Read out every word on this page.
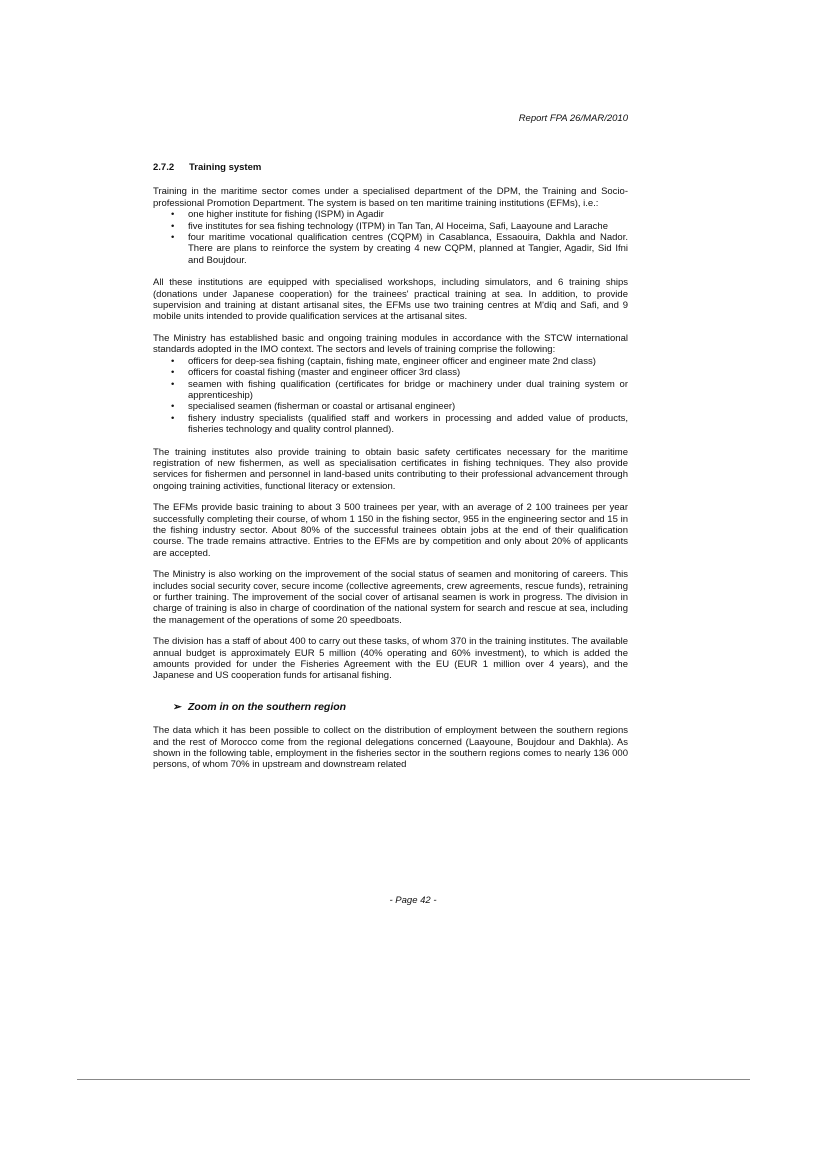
Report FPA 26/MAR/2010
2.7.2 Training system

Training in the maritime sector comes under a specialised department of the DPM, the Training and Socio-professional Promotion Department. The system is based on ten maritime training institutions (EFMs), i.e.:

• one higher institute for fishing (ISPM) in Agadir
• five institutes for sea fishing technology (ITPM) in Tan Tan, Al Hoceima, Safi, Laayoune and Larache
• four maritime vocational qualification centres (CQPM) in Casablanca, Essaouira, Dakhla and Nador. There are plans to reinforce the system by creating 4 new CQPM, planned at Tangier, Agadir, Sid Ifni and Boujdour.

All these institutions are equipped with specialised workshops, including simulators, and 6 training ships (donations under Japanese cooperation) for the trainees' practical training at sea. In addition, to provide supervision and training at distant artisanal sites, the EFMs use two training centres at M'diq and Safi, and 9 mobile units intended to provide qualification services at the artisanal sites.

The Ministry has established basic and ongoing training modules in accordance with the STCW international standards adopted in the IMO context. The sectors and levels of training comprise the following:

• officers for deep-sea fishing (captain, fishing mate, engineer officer and engineer mate 2nd class)
• officers for coastal fishing (master and engineer officer 3rd class)
• seamen with fishing qualification (certificates for bridge or machinery under dual training system or apprenticeship)
• specialised seamen (fisherman or coastal or artisanal engineer)
• fishery industry specialists (qualified staff and workers in processing and added value of products, fisheries technology and quality control planned).

The training institutes also provide training to obtain basic safety certificates necessary for the maritime registration of new fishermen, as well as specialisation certificates in fishing techniques. They also provide services for fishermen and personnel in land-based units contributing to their professional advancement through ongoing training activities, functional literacy or extension.

The EFMs provide basic training to about 3 500 trainees per year, with an average of 2 100 trainees per year successfully completing their course, of whom 1 150 in the fishing sector, 955 in the engineering sector and 15 in the fishing industry sector. About 80% of the successful trainees obtain jobs at the end of their qualification course. The trade remains attractive. Entries to the EFMs are by competition and only about 20% of applicants are accepted.

The Ministry is also working on the improvement of the social status of seamen and monitoring of careers. This includes social security cover, secure income (collective agreements, crew agreements, rescue funds), retraining or further training. The improvement of the social cover of artisanal seamen is work in progress. The division in charge of training is also in charge of coordination of the national system for search and rescue at sea, including the management of the operations of some 20 speedboats.

The division has a staff of about 400 to carry out these tasks, of whom 370 in the training institutes. The available annual budget is approximately EUR 5 million (40% operating and 60% investment), to which is added the amounts provided for under the Fisheries Agreement with the EU (EUR 1 million over 4 years), and the Japanese and US cooperation funds for artisanal fishing.

➢ Zoom in on the southern region

The data which it has been possible to collect on the distribution of employment between the southern regions and the rest of Morocco come from the regional delegations concerned (Laayoune, Boujdour and Dakhla). As shown in the following table, employment in the fisheries sector in the southern regions comes to nearly 136 000 persons, of whom 70% in upstream and downstream related

- Page 42 -
